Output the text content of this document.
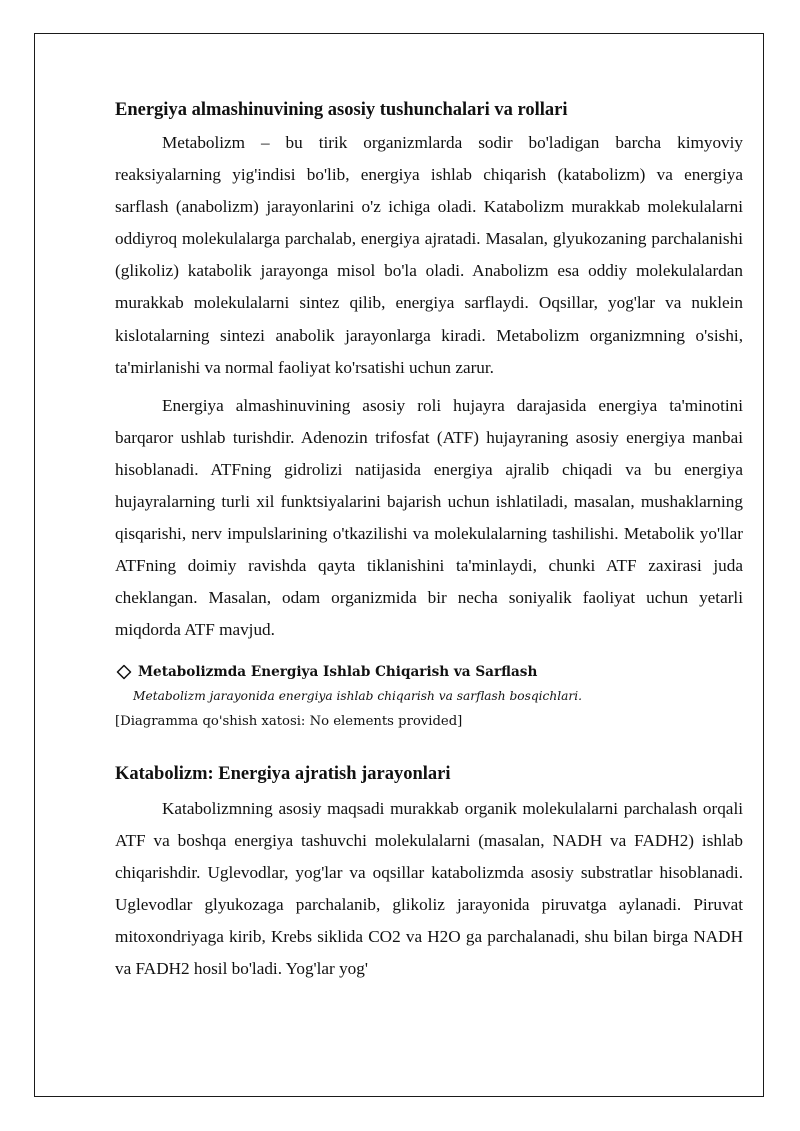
Energiya almashinuvining asosiy tushunchalari va rollari

Metabolizm – bu tirik organizmlarda sodir bo'ladigan barcha kimyoviy reaksiyalarning yig'indisi bo'lib, energiya ishlab chiqarish (katabolizm) va energiya sarflash (anabolizm) jarayonlarini o'z ichiga oladi. Katabolizm murakkab molekulalarni oddiyroq molekulalarga parchalab, energiya ajratadi. Masalan, glyukozaning parchalanishi (glikoliz) katabolik jarayonga misol bo'la oladi. Anabolizm esa oddiy molekulalardan murakkab molekulalarni sintez qilib, energiya sarflaydi. Oqsillar, yog'lar va nuklein kislotalarning sintezi anabolik jarayonlarga kiradi. Metabolizm organizmning o'sishi, ta'mirlanishi va normal faoliyat ko'rsatishi uchun zarur.

Energiya almashinuvining asosiy roli hujayra darajasida energiya ta'minotini barqaror ushlab turishdir. Adenozin trifosfat (ATF) hujayraning asosiy energiya manbai hisoblanadi. ATFning gidrolizi natijasida energiya ajralib chiqadi va bu energiya hujayralarning turli xil funktsiyalarini bajarish uchun ishlatiladi, masalan, mushaklarning qisqarishi, nerv impulslarining o'tkazilishi va molekulalarning tashilishi. Metabolik yo'llar ATFning doimiy ravishda qayta tiklanishini ta'minlaydi, chunki ATF zaxirasi juda cheklangan. Masalan, odam organizmida bir necha soniyalik faoliyat uchun yetarli miqdorda ATF mavjud.

Metabolizmda Energiya Ishlab Chiqarish va Sarflash
Metabolizm jarayonida energiya ishlab chiqarish va sarflash bosqichlari.
[Diagramma qo'shish xatosi: No elements provided]
Katabolizm: Energiya ajratish jarayonlari

Katabolizmning asosiy maqsadi murakkab organik molekulalarni parchalash orqali ATF va boshqa energiya tashuvchi molekulalarni (masalan, NADH va FADH2) ishlab chiqarishdir. Uglevodlar, yog'lar va oqsillar katabolizmda asosiy substratlar hisoblanadi. Uglevodlar glyukozaga parchalanib, glikoliz jarayonida piruvatga aylanadi. Piruvat mitoxondriyaga kirib, Krebs siklida CO2 va H2O ga parchalanadi, shu bilan birga NADH va FADH2 hosil bo'ladi. Yog'lar yog'
